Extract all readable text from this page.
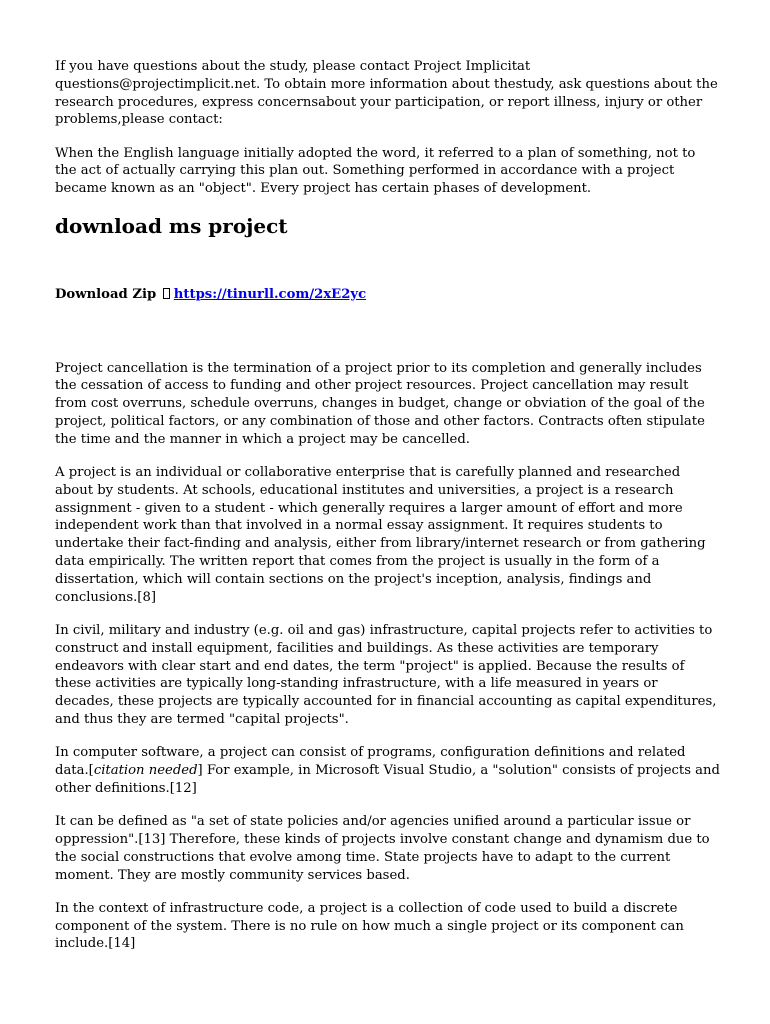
If you have questions about the study, please contact Project Implicitat questions@projectimplicit.net. To obtain more information about thestudy, ask questions about the research procedures, express concernsabout your participation, or report illness, injury or other problems,please contact:

When the English language initially adopted the word, it referred to a plan of something, not to the act of actually carrying this plan out. Something performed in accordance with a project became known as an "object". Every project has certain phases of development.

download ms project
Download Zip https://tinurll.com/2xE2yc

Project cancellation is the termination of a project prior to its completion and generally includes the cessation of access to funding and other project resources. Project cancellation may result from cost overruns, schedule overruns, changes in budget, change or obviation of the goal of the project, political factors, or any combination of those and other factors. Contracts often stipulate the time and the manner in which a project may be cancelled.

A project is an individual or collaborative enterprise that is carefully planned and researched about by students. At schools, educational institutes and universities, a project is a research assignment - given to a student - which generally requires a larger amount of effort and more independent work than that involved in a normal essay assignment. It requires students to undertake their fact-finding and analysis, either from library/internet research or from gathering data empirically. The written report that comes from the project is usually in the form of a dissertation, which will contain sections on the project's inception, analysis, findings and conclusions.[8]

In civil, military and industry (e.g. oil and gas) infrastructure, capital projects refer to activities to construct and install equipment, facilities and buildings. As these activities are temporary endeavors with clear start and end dates, the term "project" is applied. Because the results of these activities are typically long-standing infrastructure, with a life measured in years or decades, these projects are typically accounted for in financial accounting as capital expenditures, and thus they are termed "capital projects".

In computer software, a project can consist of programs, configuration definitions and related data.[citation needed] For example, in Microsoft Visual Studio, a "solution" consists of projects and other definitions.[12]

It can be defined as "a set of state policies and/or agencies unified around a particular issue or oppression".[13] Therefore, these kinds of projects involve constant change and dynamism due to the social constructions that evolve among time. State projects have to adapt to the current moment. They are mostly community services based.

In the context of infrastructure code, a project is a collection of code used to build a discrete component of the system. There is no rule on how much a single project or its component can include.[14]
